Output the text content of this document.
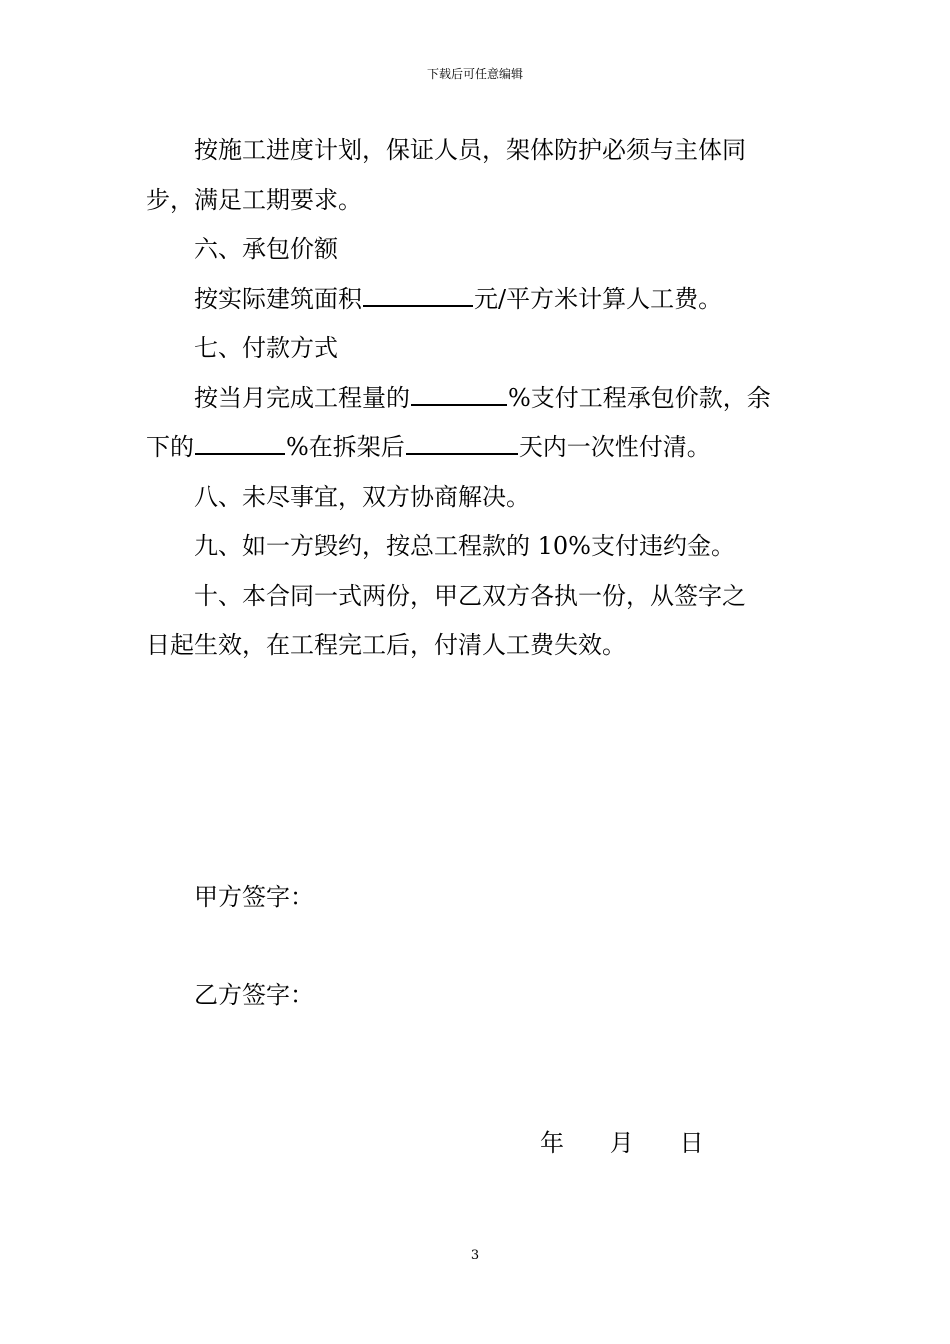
下载后可任意编辑

按施工进度计划，保证人员，架体防护必须与主体同

步，满足工期要求。

六、承包价额

按实际建筑面积	元/平方米计算人工费。

七、付款方式

按当月完成工程量的	%支付工程承包价款，余

下的	%在拆架后	天内一次性付清。

八、未尽事宜，双方协商解决。

九、如一方毁约，按总工程款的 10%支付违约金。

十、本合同一式两份，甲乙双方各执一份，从签字之

日起生效，在工程完工后，付清人工费失效。

甲方签字：
乙方签字：
年 月 日
3
